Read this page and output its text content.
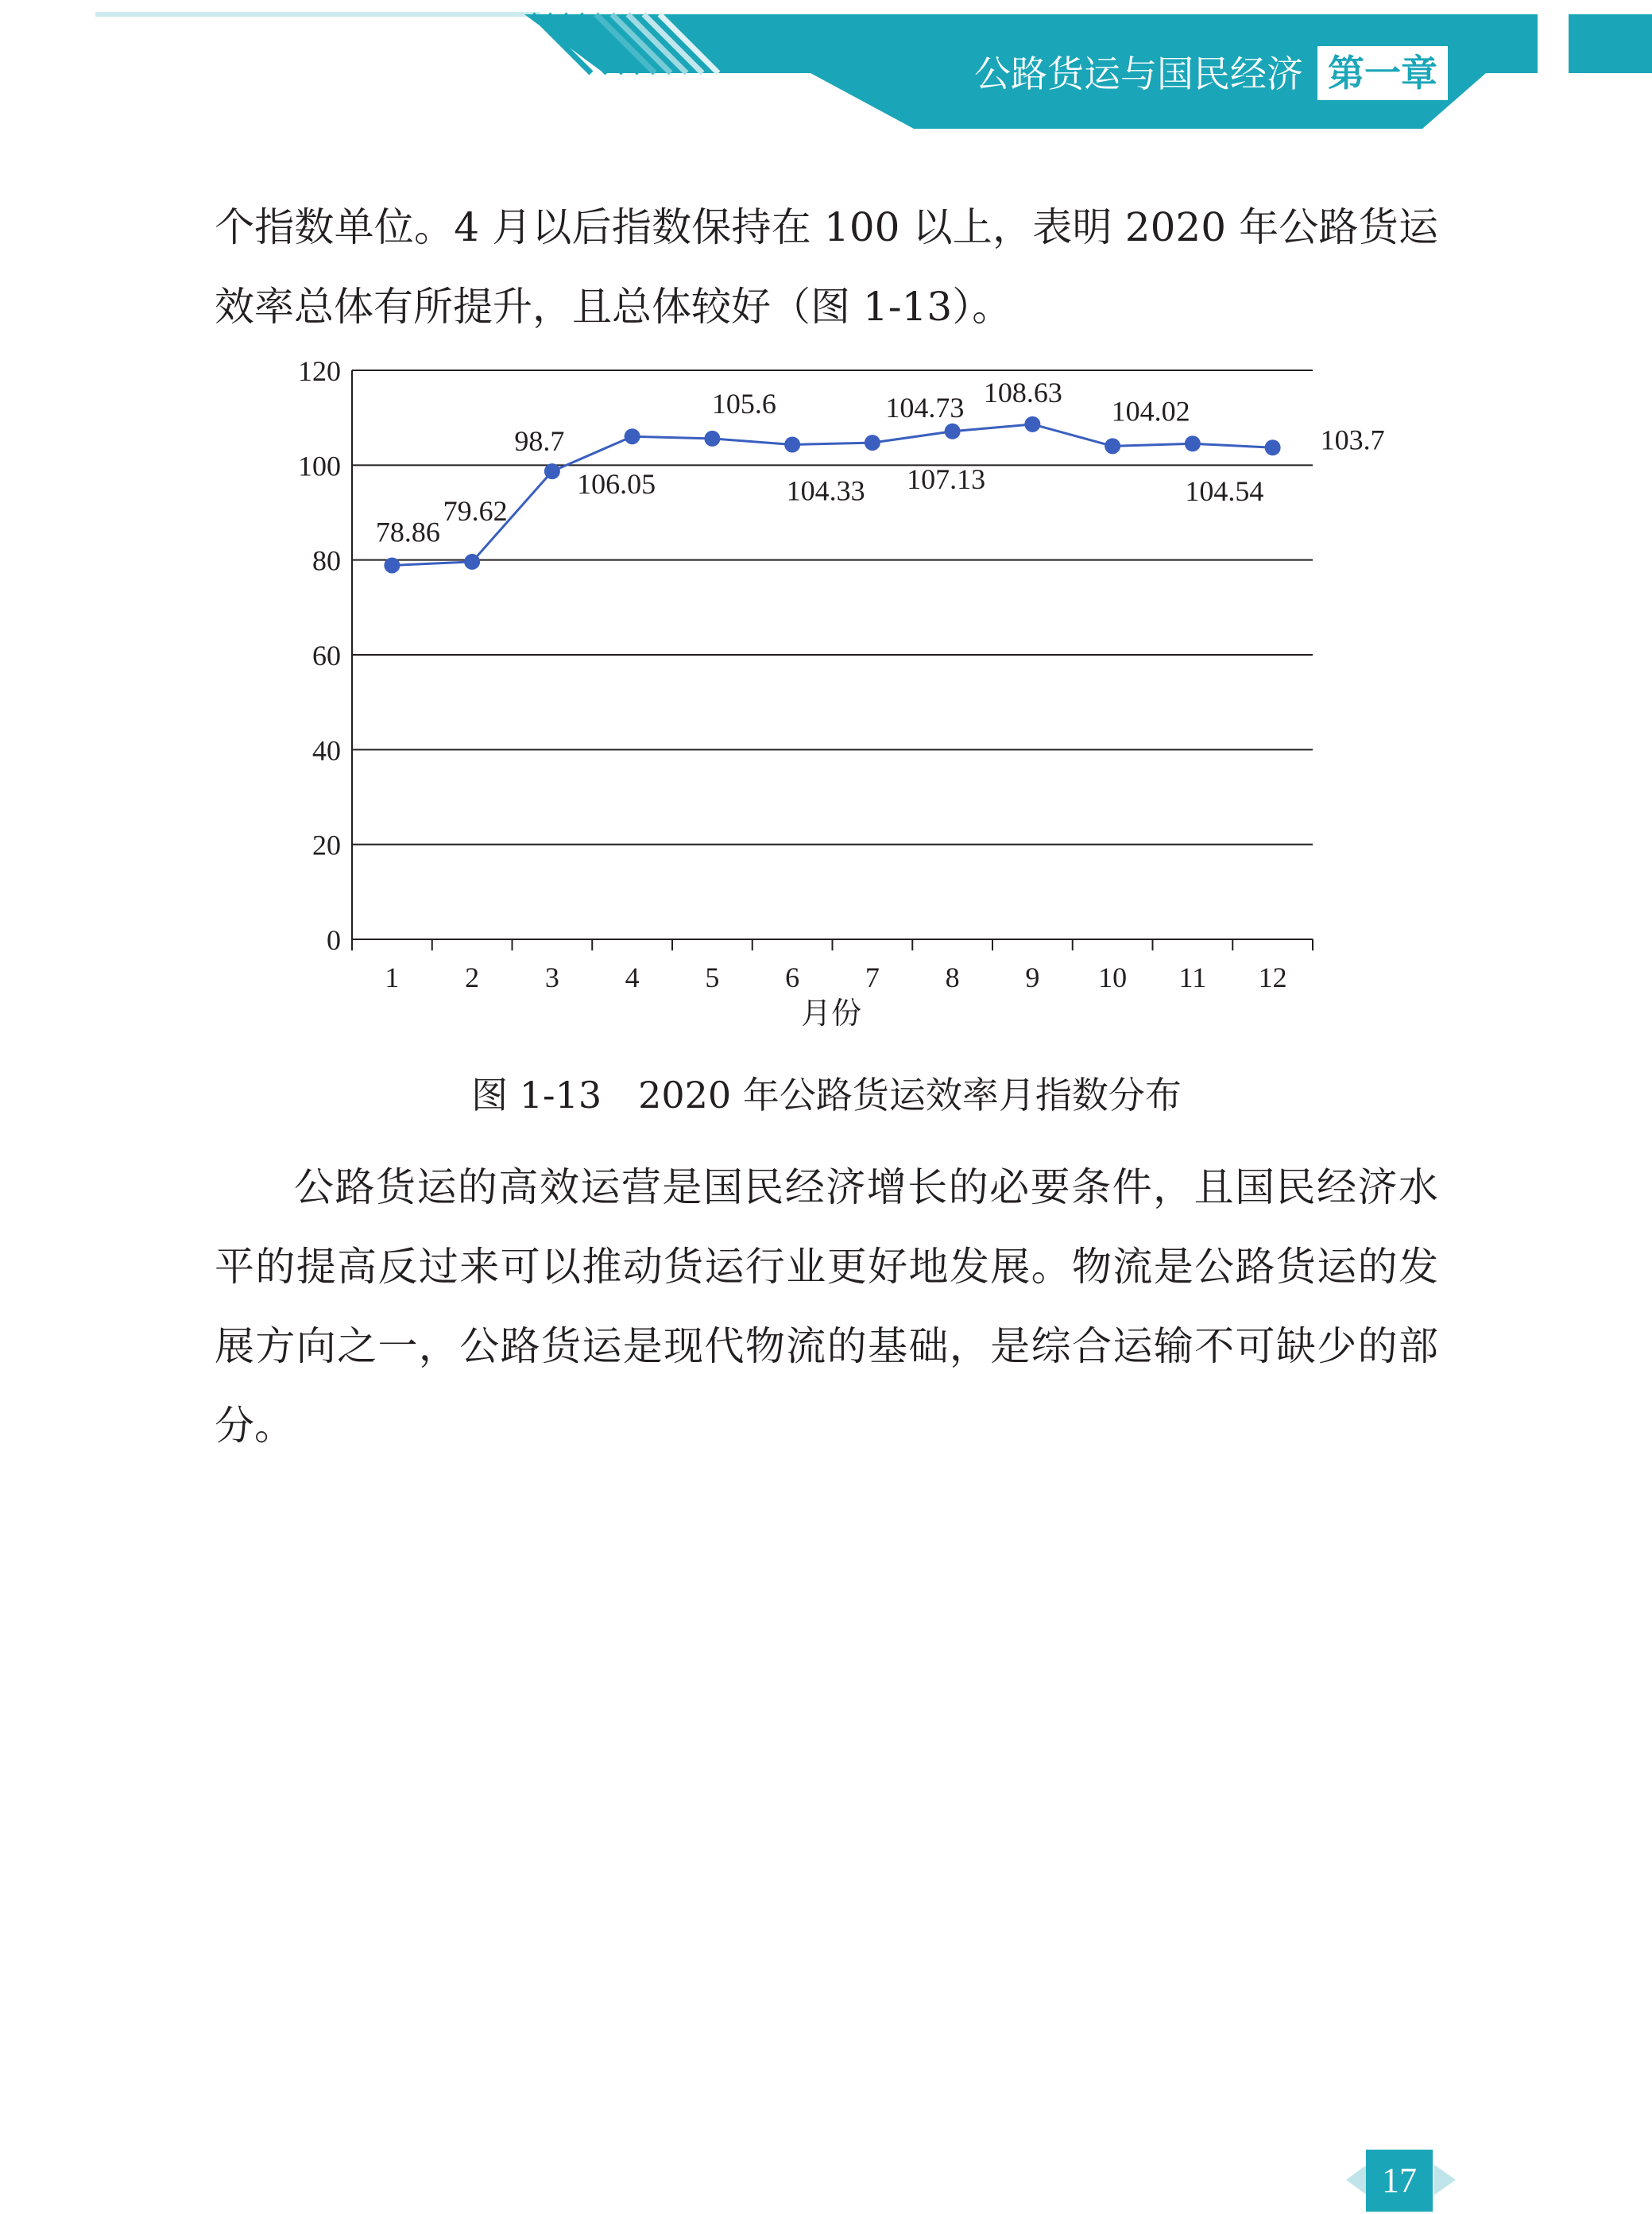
公路货运与国民经济 第一章

个指数单位。4 月以后指数保持在 100 以上，表明 2020 年公路货运效率总体有所提升，且总体较好（图 1-13）。

0
20
40
60
80
100
120
1 2 3 4 5 6 7 8 9 10 11 12
78.86
79.62
98.7
106.05
105.6
104.33
104.73
107.13
108.63
104.02
104.54
103.7
月份
图 1-13　2020 年公路货运效率月指数分布

公路货运的高效运营是国民经济增长的必要条件，且国民经济水平的提高反过来可以推动货运行业更好地发展。物流是公路货运的发展方向之一，公路货运是现代物流的基础，是综合运输不可缺少的部分。

17
